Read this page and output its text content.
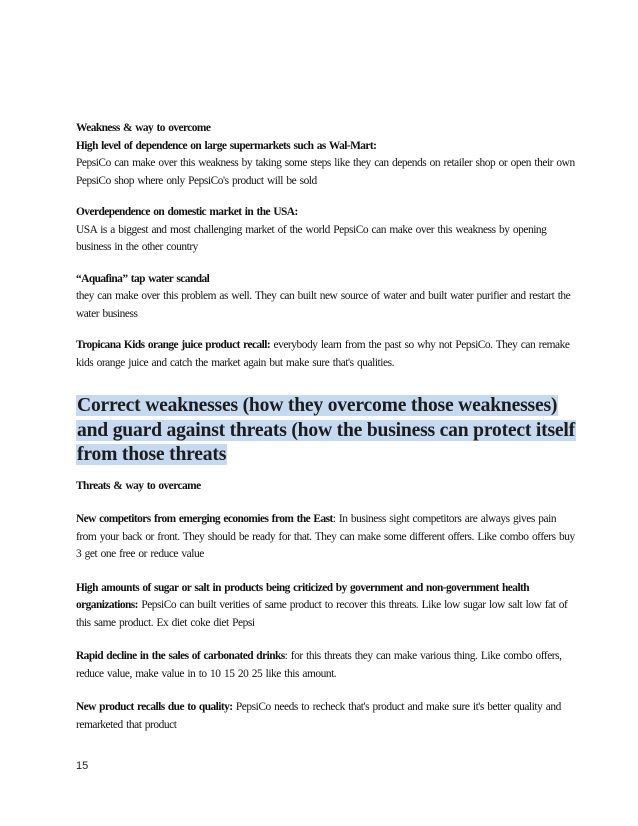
Weakness & way to overcome

High level of dependence on large supermarkets such as Wal-Mart:

PepsiCo can make over this weakness by taking some steps like they can depends on retailer shop or open their own PepsiCo shop where only PepsiCo's product will be sold

Overdependence on domestic market in the USA:
USA is a biggest and most challenging market of the world PepsiCo can make over this weakness by opening business in the other country

“Aquafina” tap water scandal
they can make over this problem as well. They can built new source of water and built water purifier and restart the water business

Tropicana Kids orange juice product recall: everybody learn from the past so why not PepsiCo. They can remake kids orange juice and catch the market again but make sure that's qualities.

Correct weaknesses (how they overcome those weaknesses) and guard against threats (how the business can protect itself from those threats

Threats & way to overcame

New competitors from emerging economies from the East: In business sight competitors are always gives pain from your back or front. They should be ready for that. They can make some different offers. Like combo offers buy 3 get one free or reduce value

High amounts of sugar or salt in products being criticized by government and non-government health organizations: PepsiCo can built verities of same product to recover this threats. Like low sugar low salt low fat of this same product. Ex diet coke diet Pepsi

Rapid decline in the sales of carbonated drinks: for this threats they can make various thing. Like combo offers, reduce value, make value in to 10 15 20 25 like this amount.

New product recalls due to quality: PepsiCo needs to recheck that's product and make sure it's better quality and remarketed that product

15
